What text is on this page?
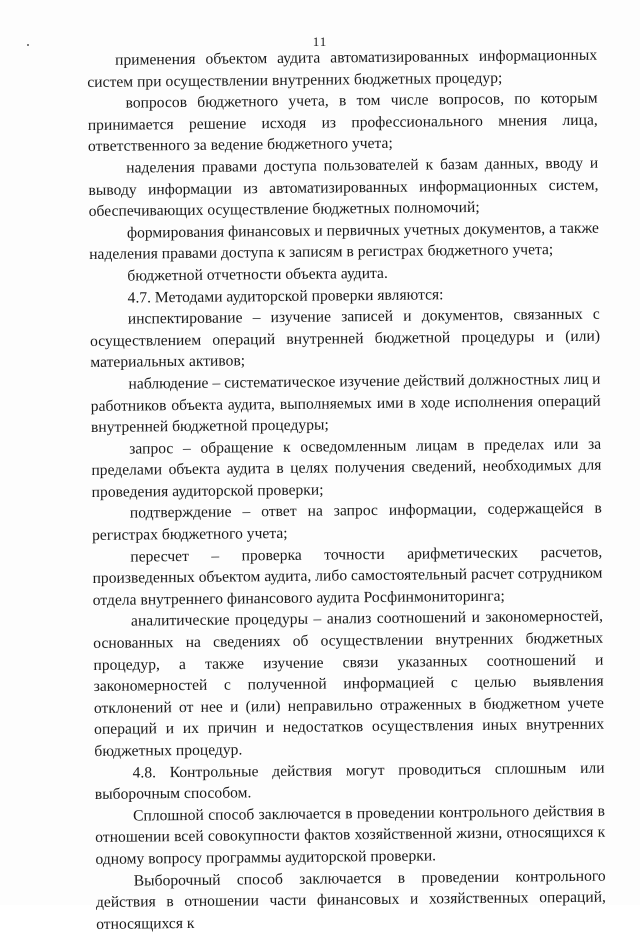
11

применения объектом аудита автоматизированных информационных систем при осуществлении внутренних бюджетных процедур;

вопросов бюджетного учета, в том числе вопросов, по которым принимается решение исходя из профессионального мнения лица, ответственного за ведение бюджетного учета;

наделения правами доступа пользователей к базам данных, вводу и выводу информации из автоматизированных информационных систем, обеспечивающих осуществление бюджетных полномочий;

формирования финансовых и первичных учетных документов, а также наделения правами доступа к записям в регистрах бюджетного учета;

бюджетной отчетности объекта аудита.

4.7. Методами аудиторской проверки являются:

инспектирование – изучение записей и документов, связанных с осуществлением операций внутренней бюджетной процедуры и (или) материальных активов;

наблюдение – систематическое изучение действий должностных лиц и работников объекта аудита, выполняемых ими в ходе исполнения операций внутренней бюджетной процедуры;

запрос – обращение к осведомленным лицам в пределах или за пределами объекта аудита в целях получения сведений, необходимых для проведения аудиторской проверки;

подтверждение – ответ на запрос информации, содержащейся в регистрах бюджетного учета;

пересчет – проверка точности арифметических расчетов, произведенных объектом аудита, либо самостоятельный расчет сотрудником отдела внутреннего финансового аудита Росфинмониторинга;

аналитические процедуры – анализ соотношений и закономерностей, основанных на сведениях об осуществлении внутренних бюджетных процедур, а также изучение связи указанных соотношений и закономерностей с полученной информацией с целью выявления отклонений от нее и (или) неправильно отраженных в бюджетном учете операций и их причин и недостатков осуществления иных внутренних бюджетных процедур.

4.8. Контрольные действия могут проводиться сплошным или выборочным способом.

Сплошной способ заключается в проведении контрольного действия в отношении всей совокупности фактов хозяйственной жизни, относящихся к одному вопросу программы аудиторской проверки.

Выборочный способ заключается в проведении контрольного действия в отношении части финансовых и хозяйственных операций, относящихся к
